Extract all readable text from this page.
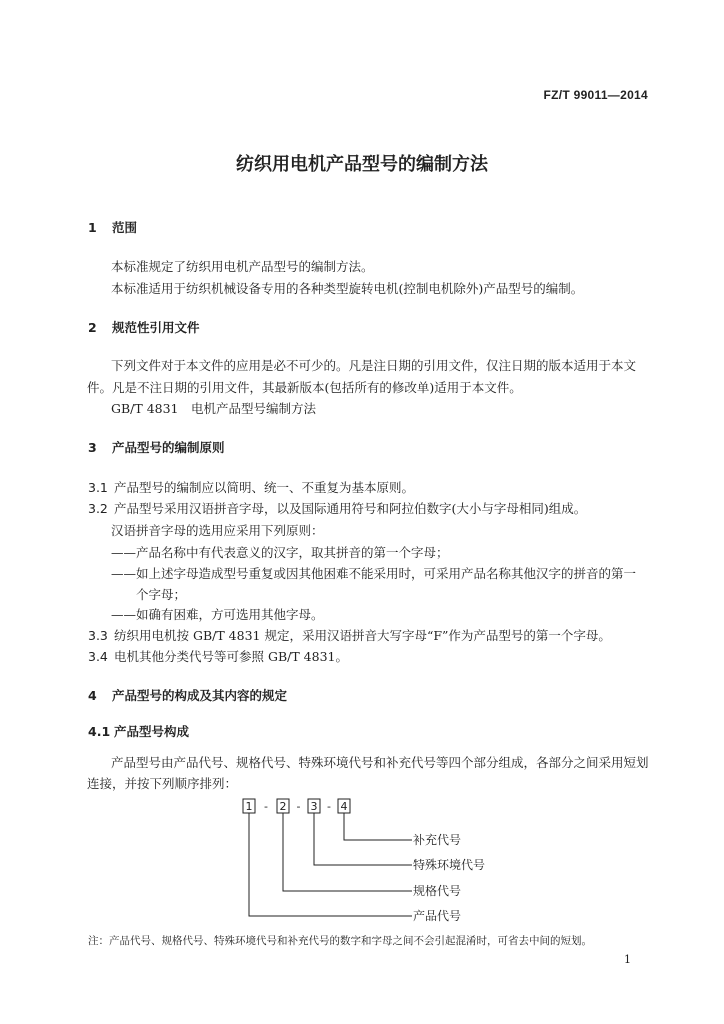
FZ/T 99011—2014
纺织用电机产品型号的编制方法
1 范围
本标准规定了纺织用电机产品型号的编制方法。
本标准适用于纺织机械设备专用的各种类型旋转电机(控制电机除外)产品型号的编制。
2 规范性引用文件
下列文件对于本文件的应用是必不可少的。凡是注日期的引用文件，仅注日期的版本适用于本文
件。凡是不注日期的引用文件，其最新版本(包括所有的修改单)适用于本文件。
GB/T 4831　电机产品型号编制方法
3 产品型号的编制原则
3.1 产品型号的编制应以简明、统一、不重复为基本原则。
3.2 产品型号采用汉语拼音字母，以及国际通用符号和阿拉伯数字(大小与字母相同)组成。
汉语拼音字母的选用应采用下列原则：
——产品名称中有代表意义的汉字，取其拼音的第一个字母；
——如上述字母造成型号重复或因其他困难不能采用时，可采用产品名称其他汉字的拼音的第一
个字母；
——如确有困难，方可选用其他字母。
3.3 纺织用电机按 GB/T 4831 规定，采用汉语拼音大写字母“F”作为产品型号的第一个字母。
3.4 电机其他分类代号等可参照 GB/T 4831。
4 产品型号的构成及其内容的规定
4.1 产品型号构成
产品型号由产品代号、规格代号、特殊环境代号和补充代号等四个部分组成，各部分之间采用短划
连接，并按下列顺序排列：
1 2 3 4
-	- -
补充代号
特殊环境代号
规格代号
产品代号
注：产品代号、规格代号、特殊环境代号和补充代号的数字和字母之间不会引起混淆时，可省去中间的短划。
1
